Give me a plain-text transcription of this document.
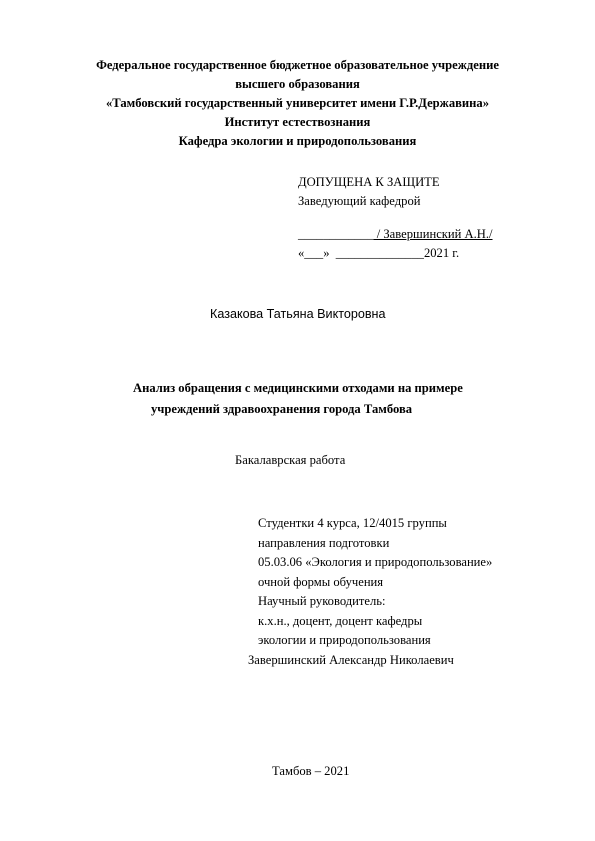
Федеральное государственное бюджетное образовательное учреждение
высшего образования
«Тамбовский государственный университет имени Г.Р.Державина»
Институт естествознания
Кафедра экологии и природопользования
ДОПУЩЕНА К ЗАЩИТЕ
Заведующий кафедрой
____________ / Завершинский А.Н./
«___» ______________2021 г.
Казакова Татьяна Викторовна
Анализ обращения с медицинскими отходами на примере
учреждений здравоохранения города Тамбова
Бакалаврская работа
Студентки 4 курса, 12/4015 группы
направления подготовки
05.03.06 «Экология и природопользование»
очной формы обучения
Научный руководитель:
к.х.н., доцент, доцент кафедры
экологии и природопользования
Завершинский Александр Николаевич
Тамбов – 2021
